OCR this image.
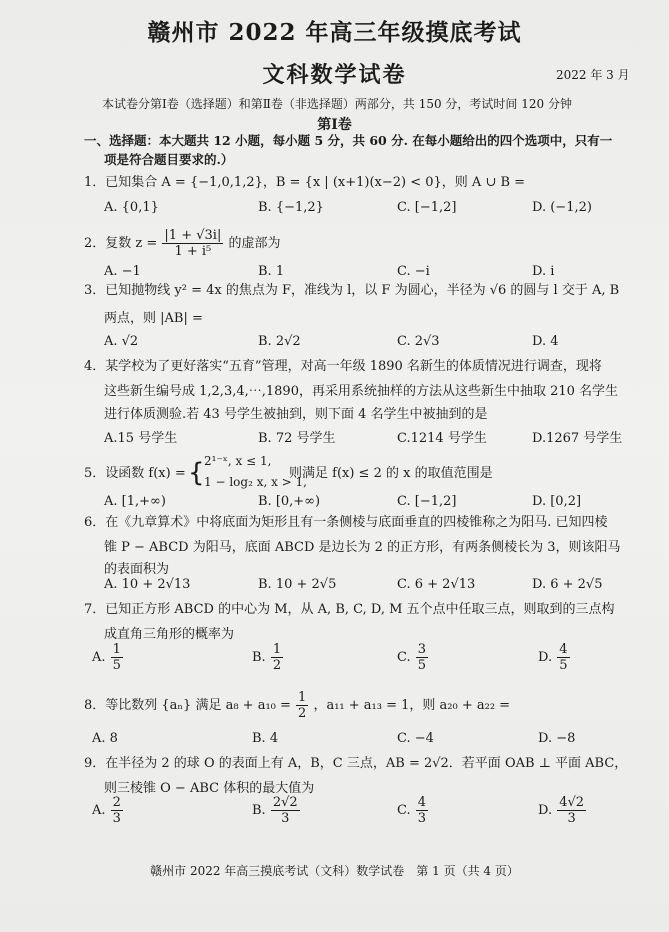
赣州市 2022 年高三年级摸底考试
文科数学试卷	2022 年 3 月
本试卷分第Ⅰ卷（选择题）和第Ⅱ卷（非选择题）两部分，共 150 分，考试时间 120 分钟
第Ⅰ卷
一、选择题：本大题共 12 小题，每小题 5 分，共 60 分. 在每小题给出的四个选项中，只有一
项是符合题目要求的.）
1．已知集合 A = {−1,0,1,2}，B = {x | (x+1)(x−2) < 0}，则 A ∪ B =
A. {0,1}	B. {−1,2}	C. [−1,2]	D. (−1,2)
2．复数 $z = \frac{|1 + √3i|}{\text{1 + i⁵}}$ 的虚部为
A. −1	B. 1	C. −i	D. i
3．已知抛物线 y² = 4x 的焦点为 F，准线为 l，以 F 为圆心，半径为 √6 的圆与 l 交于 A, B
两点，则 |AB| =
A. √2	B. 2√2	C. 2√3	D. 4
4．某学校为了更好落实“五育”管理，对高一年级 1890 名新生的体质情况进行调查，现将
这些新生编号成 1,2,3,4,⋯,1890，再采用系统抽样的方法从这些新生中抽取 210 名学生
进行体质测验.若 43 号学生被抽到，则下面 4 名学生中被抽到的是
A.15 号学生	B. 72 号学生	C.1214 号学生	D.1267 号学生
5．设函数 f(x) = { 2¹⁻ˣ, x ≤ 1,
1 − log₂ x, x > 1,
则满足 f(x) ≤ 2 的 x 的取值范围是
A. [1,+∞)	B. [0,+∞)	C. [−1,2]	D. [0,2]
6．在《九章算术》中将底面为矩形且有一条侧棱与底面垂直的四棱锥称之为阳马. 已知四棱
锥 P − ABCD 为阳马，底面 ABCD 是边长为 2 的正方形，有两条侧棱长为 3，则该阳马
的表面积为
A. 10 + 2√13	B. 10 + 2√5	C. 6 + 2√13	D. 6 + 2√5
7．已知正方形 ABCD 的中心为 M，从 A, B, C, D, M 五个点中任取三点，则取到的三点构
成直角三角形的概率为
A. $\frac{1}{5}$	B. $\frac{1}{2}$	C. $\frac{3}{5}$	D. $\frac{4}{5}$
8．等比数列 {aₙ} 满足 $a_8 + a_{10} = \frac{1}{2}$ ，a₁₁ + a₁₃ = 1，则 a₂₀ + a₂₂ =
A. 8	B. 4	C. −4	D. −8
9．在半径为 2 的球 O 的表面上有 A，B，C 三点，AB = 2√2．若平面 OAB ⊥ 平面 ABC，
则三棱锥 O − ABC 体积的最大值为
A. $\frac{2}{3}$	B. $\frac{2√2}{3}$	C. $\frac{4}{3}$	D. $\frac{4√2}{3}$
赣州市 2022 年高三摸底考试（文科）数学试卷　第 1 页（共 4 页）
